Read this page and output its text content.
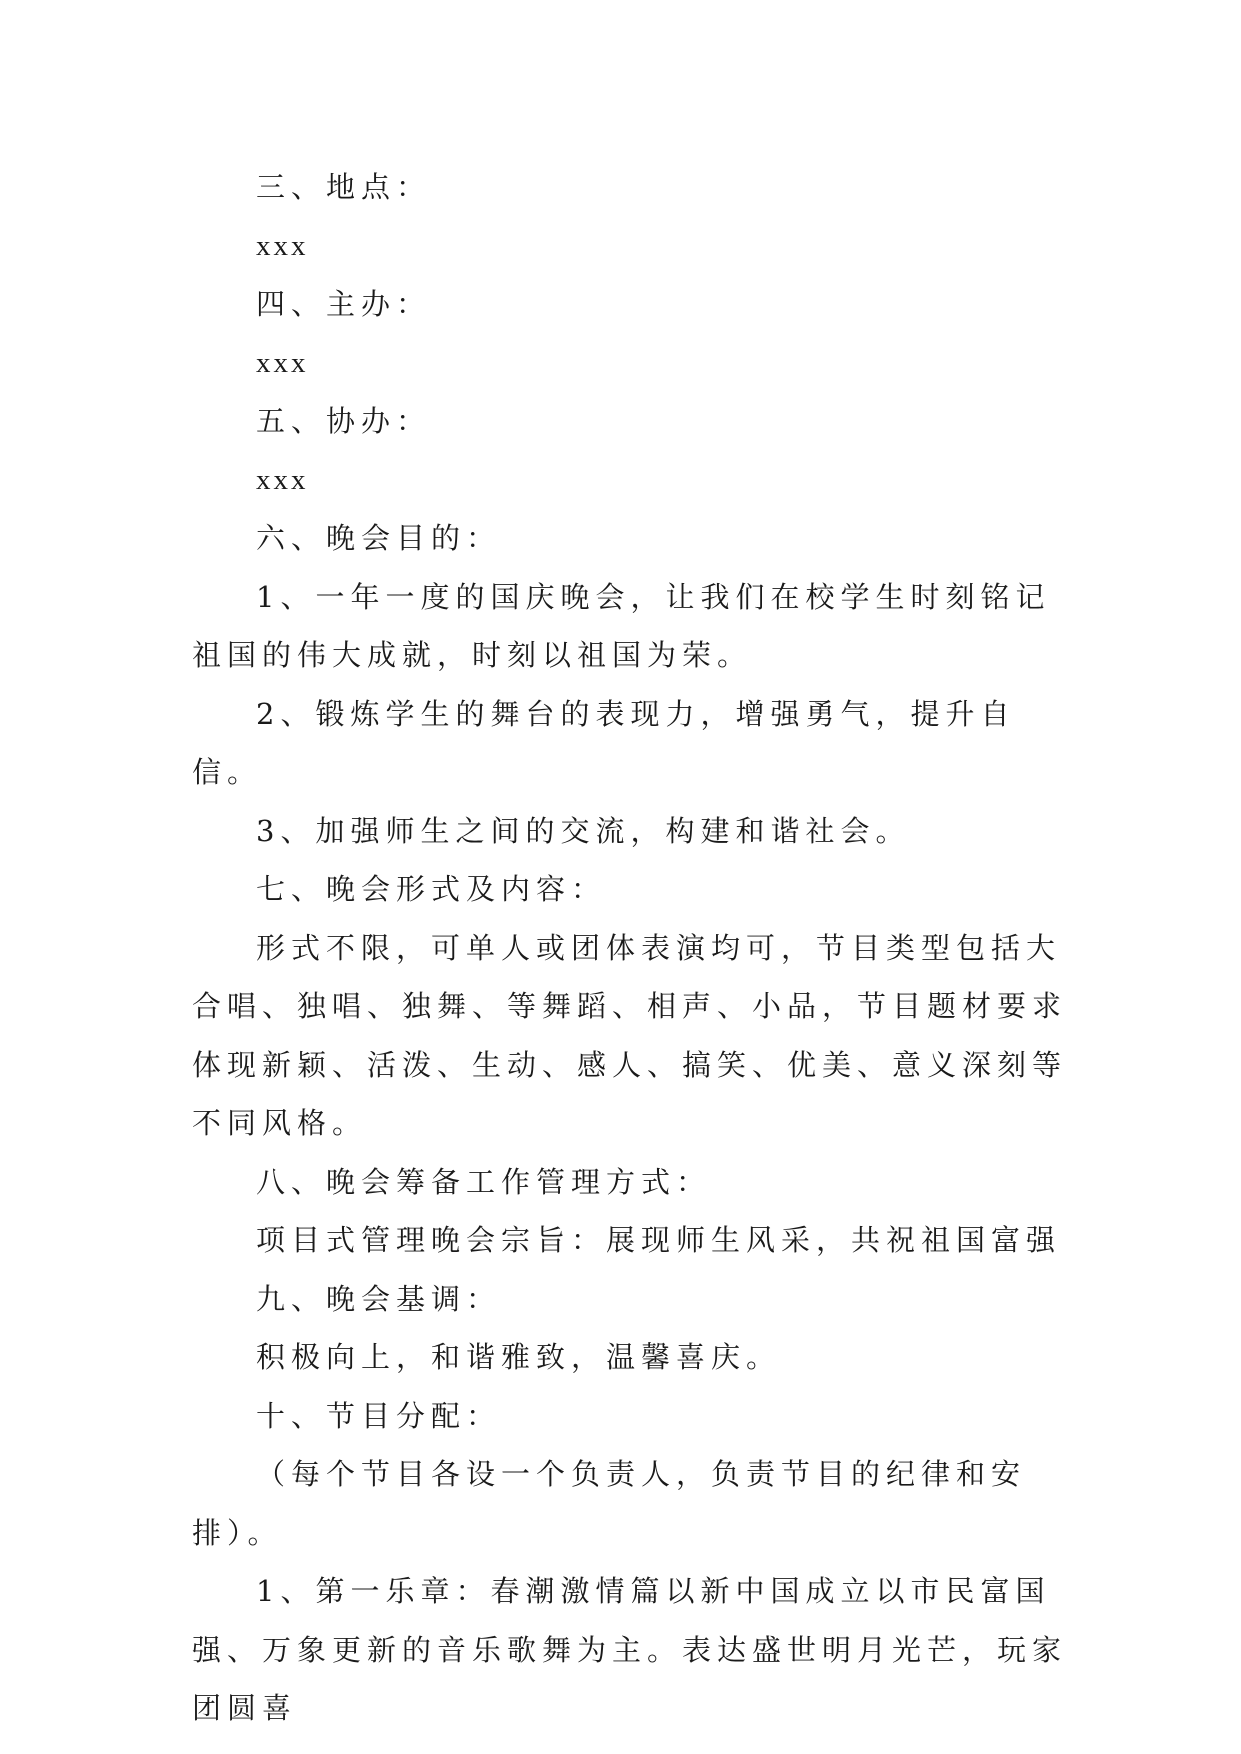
三、地点：

xxx

四、主办：

xxx

五、协办：

xxx

六、晚会目的：

1、一年一度的国庆晚会，让我们在校学生时刻铭记祖国的伟大成就，时刻以祖国为荣。

2、锻炼学生的舞台的表现力，增强勇气，提升自信。

3、加强师生之间的交流，构建和谐社会。

七、晚会形式及内容：

形式不限，可单人或团体表演均可，节目类型包括大合唱、独唱、独舞、等舞蹈、相声、小品，节目题材要求体现新颖、活泼、生动、感人、搞笑、优美、意义深刻等不同风格。

八、晚会筹备工作管理方式：

项目式管理晚会宗旨：展现师生风采，共祝祖国富强

九、晚会基调：

积极向上，和谐雅致，温馨喜庆。

十、节目分配：

（每个节目各设一个负责人，负责节目的纪律和安排）。

1、第一乐章：春潮激情篇以新中国成立以市民富国强、万象更新的音乐歌舞为主。表达盛世明月光芒，玩家团圆喜
